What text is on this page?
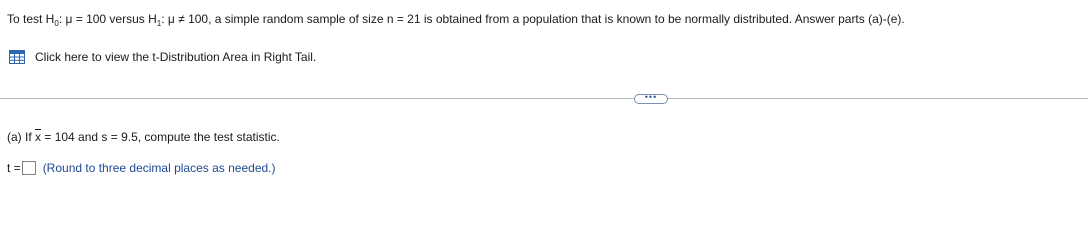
To test $H_0$: μ = 100 versus $H_1$: μ ≠ 100, a simple random sample of size n = 21 is obtained from a population that is known to be normally distributed. Answer parts (a)-(e).
Click here to view the t-Distribution Area in Right Tail.
•••
(a) If $\overline{x} = 104$ and s = 9.5, compute the test statistic.
t = (Round to three decimal places as needed.)
